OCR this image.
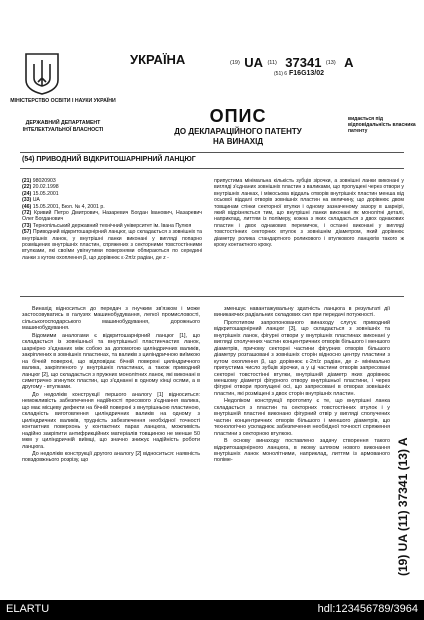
УКРАЇНА
МІНІСТЕРСТВО ОСВІТИ І НАУКИ УКРАЇНИ
ДЕРЖАВНИЙ ДЕПАРТАМЕНТ ІНТЕЛЕКТУАЛЬНОЇ ВЛАСНОСТІ
(19) UA (11) 37341 (13) A
(51) 6 F16G13/02
ОПИС
ДО ДЕКЛАРАЦІЙНОГО ПАТЕНТУ
НА ВИНАХІД
видається під відповідальність власника патенту
(54) ПРИВОДНИЙ ВІДКРИТОШАРНІРНИЙ ЛАНЦЮГ

(21) 98020903

(22) 20.02.1998

(24) 15.05.2001

(33) UA

(46) 15.05.2001, Бюл. № 4, 2001 р.

(72) Кривий Петро Дмитрович, Назаревич Богдан Іванович, Назаревич Олег Богданович

(73) Тернопільський державний технічний університет ім. Івана Пулюя

(57) Приводний відкритошарнірний ланцюг, що складається з зовнішніх та внутрішніх ланок, у внутрішні ланки виконані у вигляді попарно розміщених внутрішніх пластин, спряжених з секторними товстостінними втулками, які своїми увігнутими поверхнями обпираються по середині ланки з кутом охоплення β, що дорівнює ε·2π/z радіан, де z -

припустима мінімальна кількість зубців зірочки, а зовнішні ланки виконані у вигляді з'єднаних зовнішніх пластин з валиками, що пропущені через отвори у внутрішніх ланках, і міжосьова віддаль отворів внутрішніх пластин менша від осьової віддалі отворів зовнішніх пластин на величину, що дорівнює двом товщинам стінки секторної втулки і одному зазначеному зазору в шарнірі, який відрізняється тим, що внутрішні ланки виконані як монолітні деталі, наприклад, литтям із полімеру, кожна з яких складається з двох однакових пластин і двох однакових перемичок, і останні виконані у вигляді товстостінних секторних втулок з зовнішнім діаметром, який дорівнює діаметру ролика стандартного роликового і втулкового ланцюгів такого ж кроку контактного кроку.

Винахід відноситься до передач з гнучким зв'язком і може застосовуватись в галузях машинобудування, легкої промисловості, сільськогосподарського машинобудування, дорожнього машинобудування.

Відомими аналогами є відкритошарнірний ланцюг [1], що складається із зовнішньої та внутрішньої пластинчастих ланок, шарнірно з'єднаних між собою за допомогою циліндричних валиків, закріплених в зовнішніх пластинах, та валиків з циліндричною виїмкою на бічній поверхні, що відповідає бічній поверхні циліндричного валика, закріпленого у внутрішніх пластинах, а також приводний ланцюг [2], що складається з пружних монолітних ланок, які виконані в симетрично згинутих пластин, що з'єднанні в одному кінці осями, а в другому - втулками.

До недоліків конструкції першого аналогу [1] відноситься: неможливість забезпечення надійності пресового з'єднання валика, що має місцеву дефекти на бічній поверхні з внутрішньою пластиною, складність виготовлення циліндричних валиків на одному з циліндричних валиків, трудність забезпечення необхідної точності контактних поверхонь у контактних парах ланцюга, можливість надійно закріпити антифрикційних матеріалів товщиною не менше 50 мкм у циліндричній виїмці, що значно знижує надійність роботи ланцюга.

До недоліків конструкції другого аналогу [2] відноситься: наявність повздовжнього розрізу, що

зменшує навантажувальну здатність ланцюга в результаті дії виникаючих радіальних складових сил при передачі потужності.

Прототипом запропонованого винаходу слугує приводний відкритошарнірний ланцюг [3], що складається з зовнішніх та внутрішніх ланок, фігурні отвори у внутрішніх пластинах виконані у вигляді сполучених частин концентричних отворів більшого і меншого діаметрів, причому секторні частини фігурних отворів більшого діаметру розташовані з зовнішніх сторін відносно центру пластини з кутом охоплення β, що дорівнює ε·2π/z радіан, де z- мінімально припустима число зубців зірочки, а у ці частини отворів запресовані секторні товстостінні втулки, внутрішній діаметр яких дорівнює меншому діаметрі фігурного отвору внутрішньої пластини, і через фігурні отвори пропущені осі, що запресовані в отворах зовнішніх пластин, які розміщені з двох сторін внутрішніх пластин.

Недоліком конструкції прототипу є те, що внутрішні ланка складається з пластин та секторних товстостінних втулок і у внутрішній пластині виконано фігурний отвір у вигляді сполучених частин концентричних отворів більшого і меншого діаметрів, що технологічно ускладнює забезпечення необхідної точності спряження пластини з секторною втулкою.

В основу винаходу поставлено задачу створення такого відкритошарнірного ланцюга, в якому шляхом нового виконання внутрішніх ланок монолітними, наприклад, литтям із армованого поліме-	(19) UA (11) 37341 (13) A
ELARTU	hdl:123456789/3964
